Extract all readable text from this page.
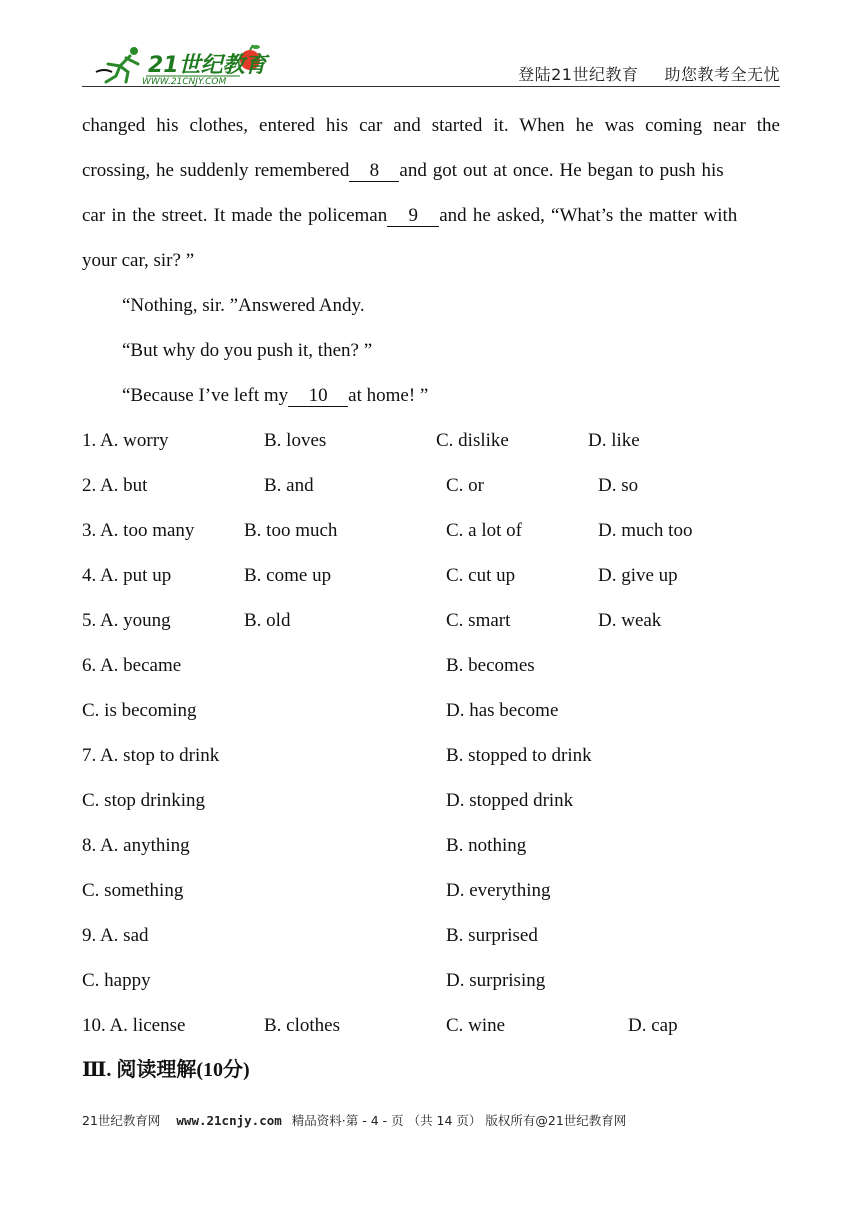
21世纪教育
WWW.21CNJY.COM	登陆21世纪教育 助您教考全无忧
changed his clothes, entered his car and started it. When he was coming near the
crossing, he suddenly remembered 8 and got out at once. He began to push his
car in the street. It made the policeman 9 and he asked, “What’s the matter with
your car, sir? ”
“Nothing, sir. ”Answered Andy.
“But why do you push it, then? ”
“Because I’ve left my 10 at home! ”
1. A. worry	B. loves	C. dislike	D. like
2. A. but	B. and	C. or	D. so
3. A. too many	B. too much	C. a lot of	D. much too
4. A. put up	B. come up	C. cut up	D. give up
5. A. young	B. old	C. smart	D. weak
6. A. became	B. becomes
C. is becoming	D. has become
7. A. stop to drink	B. stopped to drink
C. stop drinking	D. stopped drink
8. A. anything	B. nothing
C. something	D. everything
9. A. sad	B. surprised
C. happy	D. surprising
10. A. license	B. clothes	C. wine	D. cap
Ⅲ. 阅读理解(10分)
21世纪教育网 www.21cnjy.com 精品资料·第 - 4 - 页 （共 14 页） 版权所有@21世纪教育网
